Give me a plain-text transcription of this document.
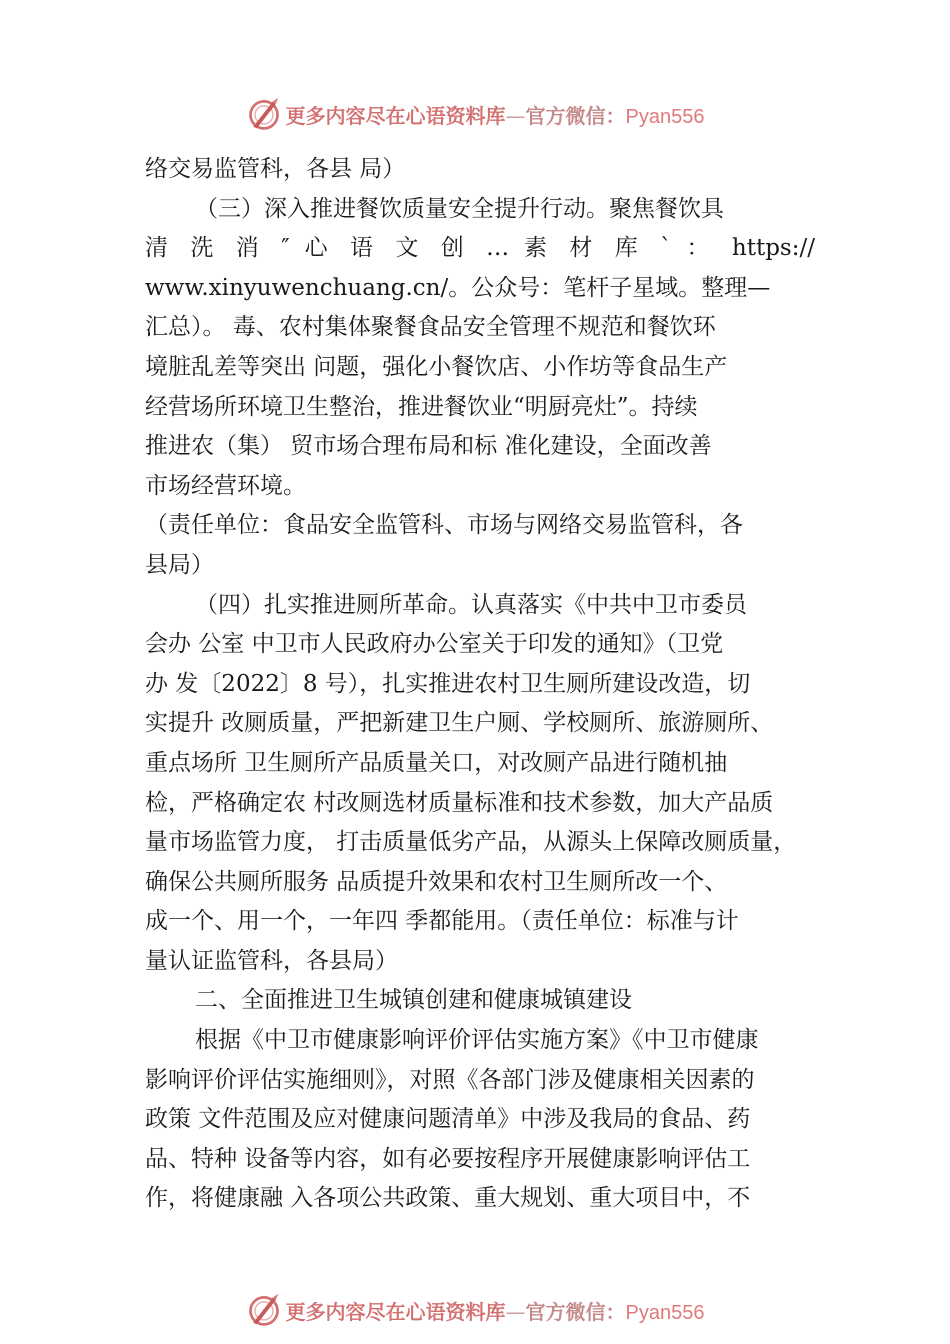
更多内容尽在心语资料库—官方微信：Pyan556
络交易监管科，各县 局）
（三）深入推进餐饮质量安全提升行动。聚焦餐饮具
清 洗 消 ″ 心 语 文 创 … 素 材 库 ` ： https://
www.xinyuwenchuang.cn/。公众号：笔杆子星域。整理—
汇总）。 毒、农村集体聚餐食品安全管理不规范和餐饮环
境脏乱差等突出 问题，强化小餐饮店、小作坊等食品生产
经营场所环境卫生整治，推进餐饮业“明厨亮灶”。持续
推进农（集） 贸市场合理布局和标 准化建设，全面改善
市场经营环境。
（责任单位：食品安全监管科、市场与网络交易监管科，各
县局）
（四）扎实推进厕所革命。认真落实《中共中卫市委员
会办 公室 中卫市人民政府办公室关于印发的通知》（卫党
办 发〔2022〕8 号），扎实推进农村卫生厕所建设改造，切
实提升 改厕质量，严把新建卫生户厕、学校厕所、旅游厕所、
重点场所 卫生厕所产品质量关口，对改厕产品进行随机抽
检，严格确定农 村改厕选材质量标准和技术参数，加大产品质
量市场监管力度， 打击质量低劣产品，从源头上保障改厕质量，
确保公共厕所服务 品质提升效果和农村卫生厕所改一个、
成一个、用一个，一年四 季都能用。（责任单位：标准与计
量认证监管科，各县局）
二、全面推进卫生城镇创建和健康城镇建设
根据《中卫市健康影响评价评估实施方案》《中卫市健康
影响评价评估实施细则》，对照《各部门涉及健康相关因素的
政策 文件范围及应对健康问题清单》中涉及我局的食品、药
品、特种 设备等内容，如有必要按程序开展健康影响评估工
作，将健康融 入各项公共政策、重大规划、重大项目中，不
更多内容尽在心语资料库—官方微信：Pyan556
